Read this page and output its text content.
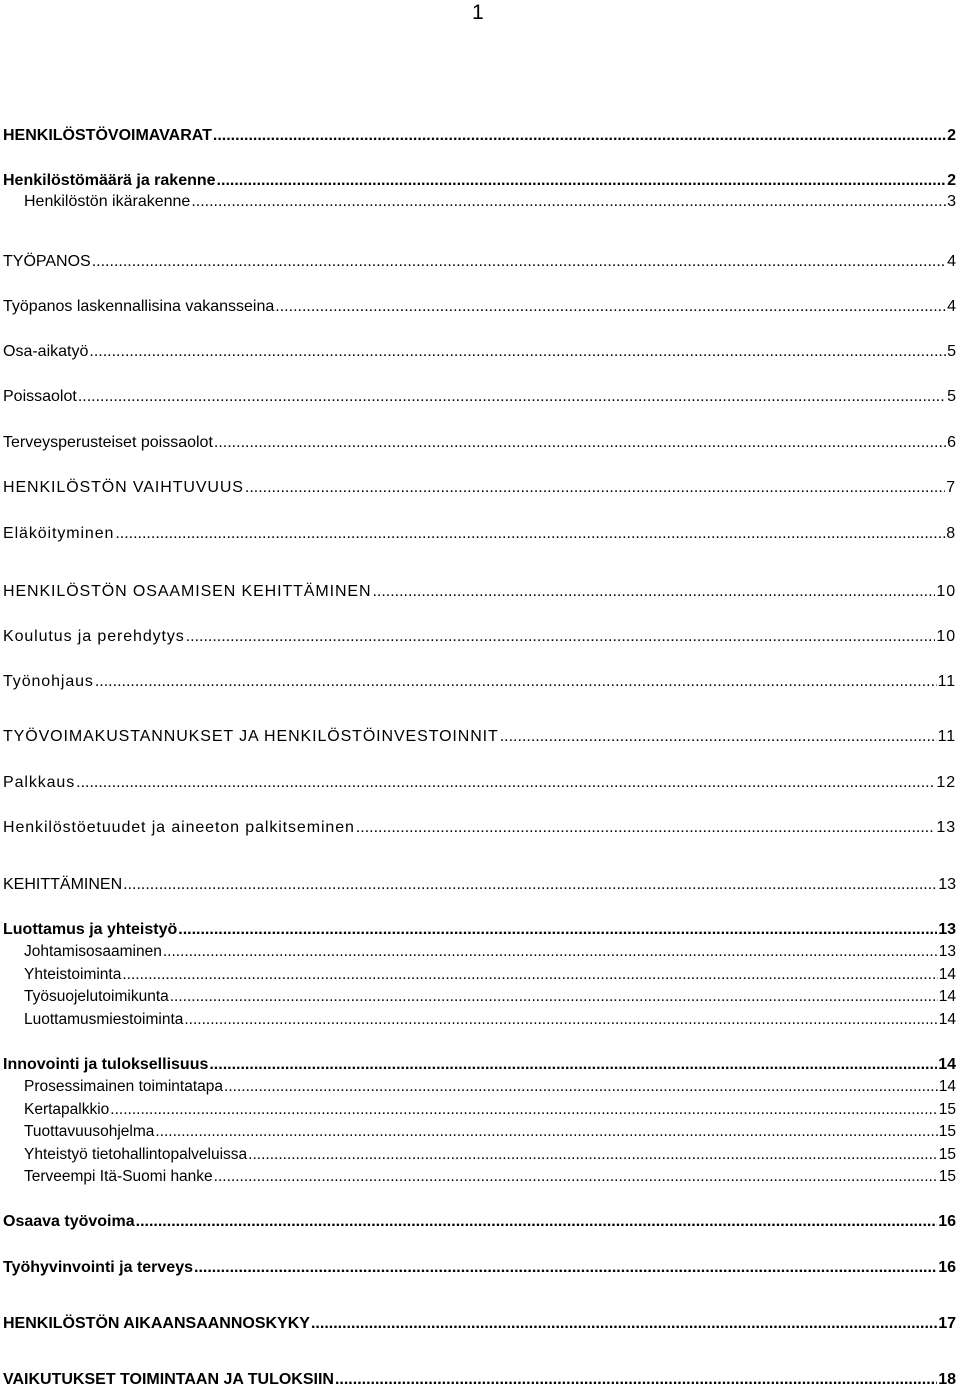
1
HENKILÖSTÖVOIMAVARAT .....	2
Henkilöstömäärä ja rakenne .....	2
Henkilöstön ikärakenne .....	3
TYÖPANOS .....	4
Työpanos laskennallisina vakansseina .....	4
Osa-aikatyö .....	5
Poissaolot .....	5
Terveysperusteiset poissaolot .....	6
HENKILÖSTÖN VAIHTUVUUS .....	7
Eläköityminen .....	8
HENKILÖSTÖN OSAAMISEN KEHITTÄMINEN .....	10
Koulutus ja perehdytys .....	10
Työnohjaus .....	11
TYÖVOIMAKUSTANNUKSET JA HENKILÖSTÖINVESTOINNIT .....	11
Palkkaus .....	12
Henkilöstöetuudet ja aineeton palkitseminen .....	13
KEHITTÄMINEN .....	13
Luottamus ja yhteistyö .....	13
Johtamisosaaminen .....	13
Yhteistoiminta .....	14
Työsuojelutoimikunta .....	14
Luottamusmiestoiminta .....	14
Innovointi ja tuloksellisuus .....	14
Prosessimainen toimintatapa .....	14
Kertapalkkio .....	15
Tuottavuusohjelma .....	15
Yhteistyö tietohallintopalveluissa .....	15
Terveempi Itä-Suomi hanke .....	15
Osaava työvoima .....	16
Työhyvinvointi ja terveys .....	16
HENKILÖSTÖN AIKAANSAANNOSKYKY .....	17
VAIKUTUKSET TOIMINTAAN JA TULOKSIIN .....	18
